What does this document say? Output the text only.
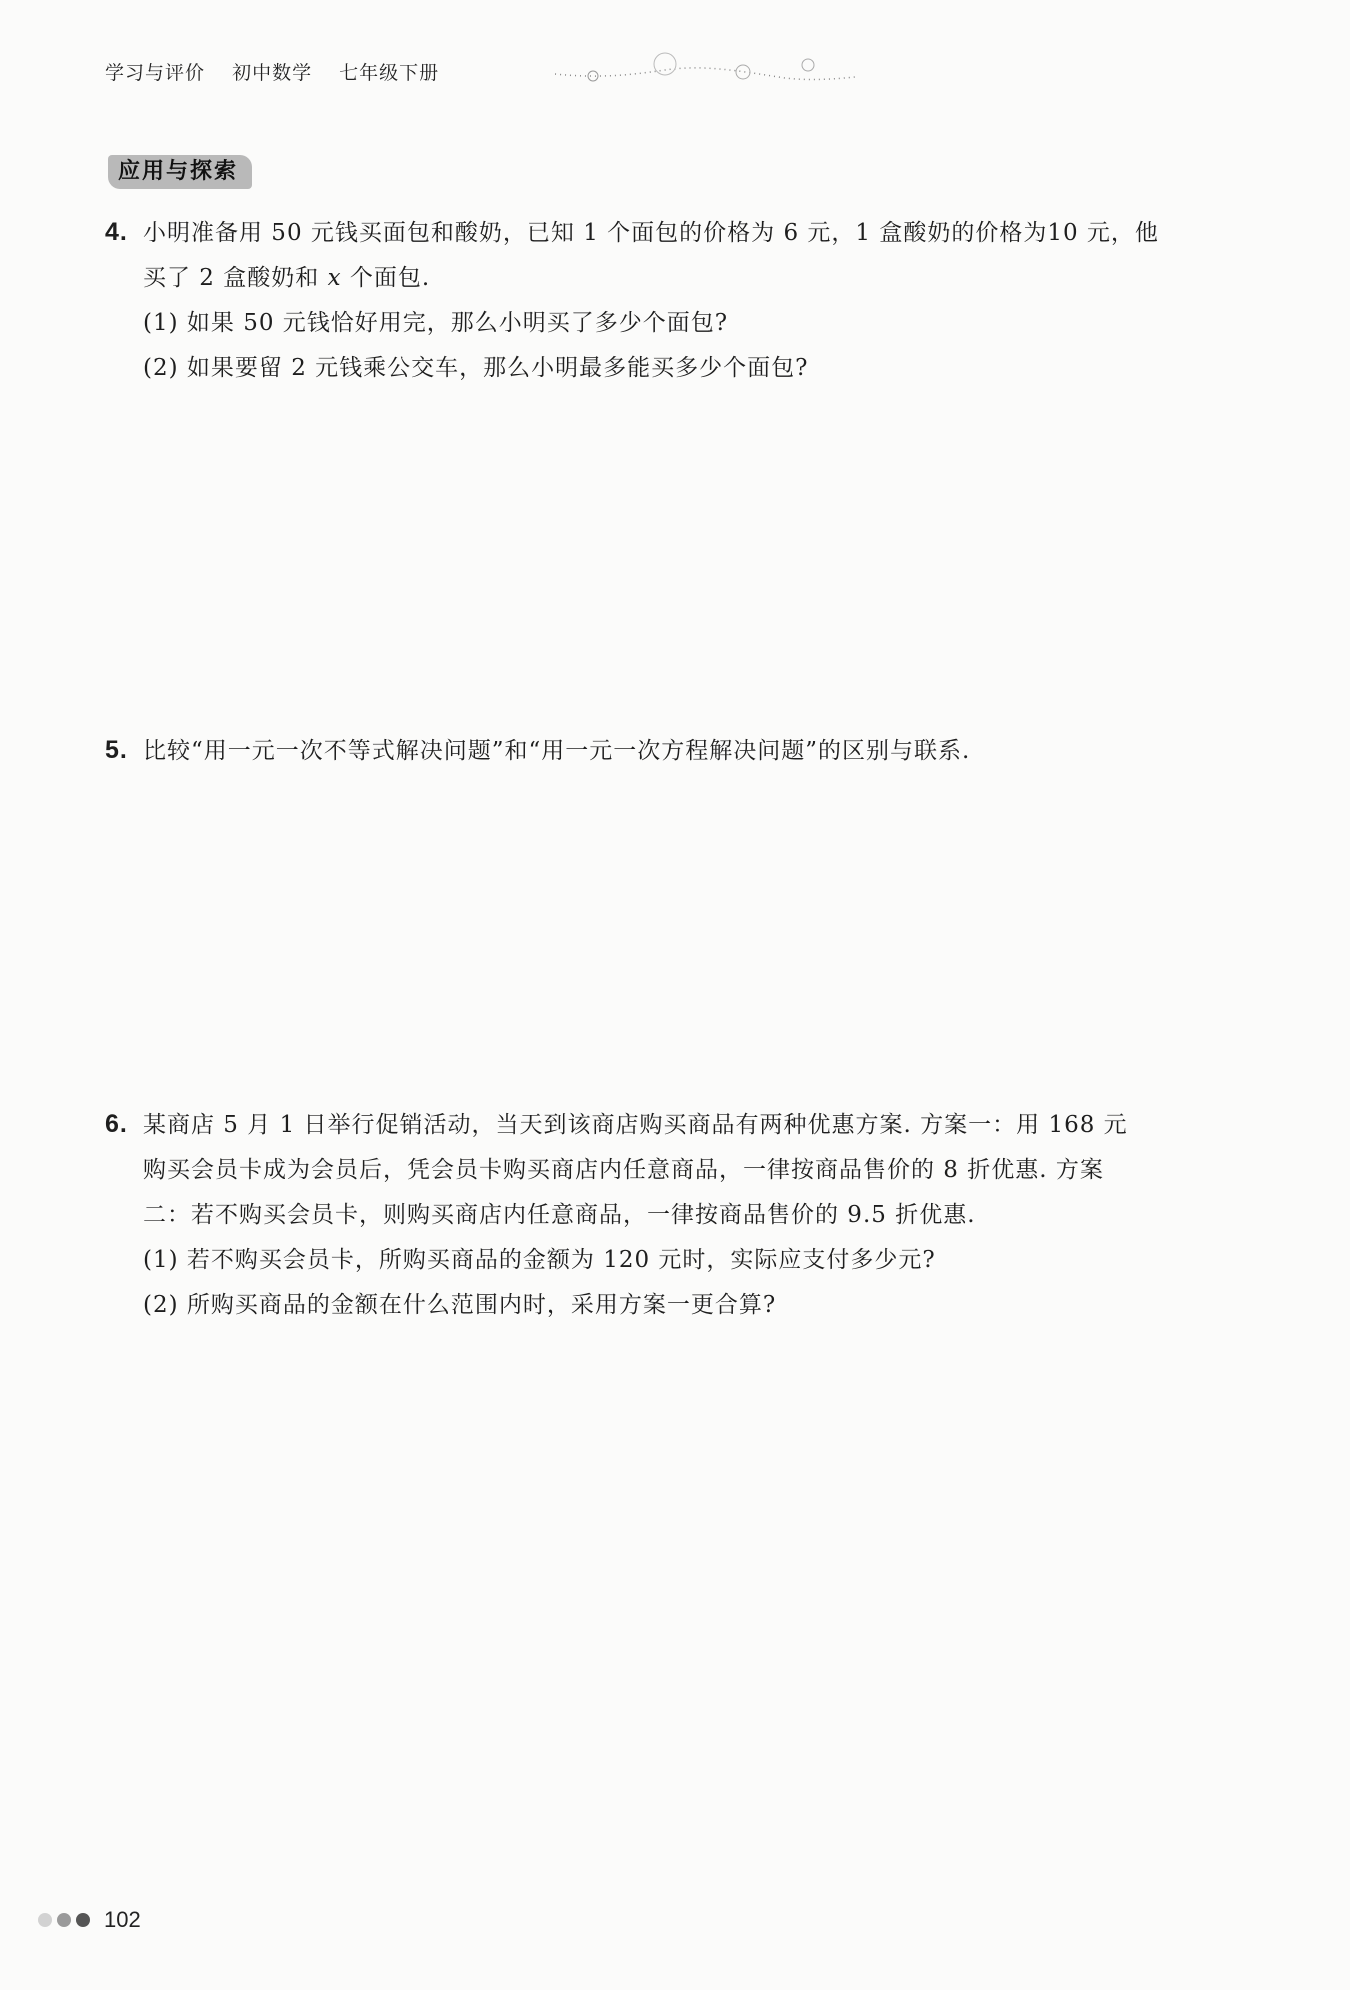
学习与评价 初中数学 七年级下册
应用与探索
4. 小明准备用 50 元钱买面包和酸奶，已知 1 个面包的价格为 6 元，1 盒酸奶的价格为10 元，他
买了 2 盒酸奶和 x 个面包.
(1) 如果 50 元钱恰好用完，那么小明买了多少个面包?
(2) 如果要留 2 元钱乘公交车，那么小明最多能买多少个面包?
5. 比较“用一元一次不等式解决问题”和“用一元一次方程解决问题”的区别与联系.
6. 某商店 5 月 1 日举行促销活动，当天到该商店购买商品有两种优惠方案. 方案一：用 168 元
购买会员卡成为会员后，凭会员卡购买商店内任意商品，一律按商品售价的 8 折优惠. 方案
二：若不购买会员卡，则购买商店内任意商品，一律按商品售价的 9.5 折优惠.
(1) 若不购买会员卡，所购买商品的金额为 120 元时，实际应支付多少元?
(2) 所购买商品的金额在什么范围内时，采用方案一更合算?
102
